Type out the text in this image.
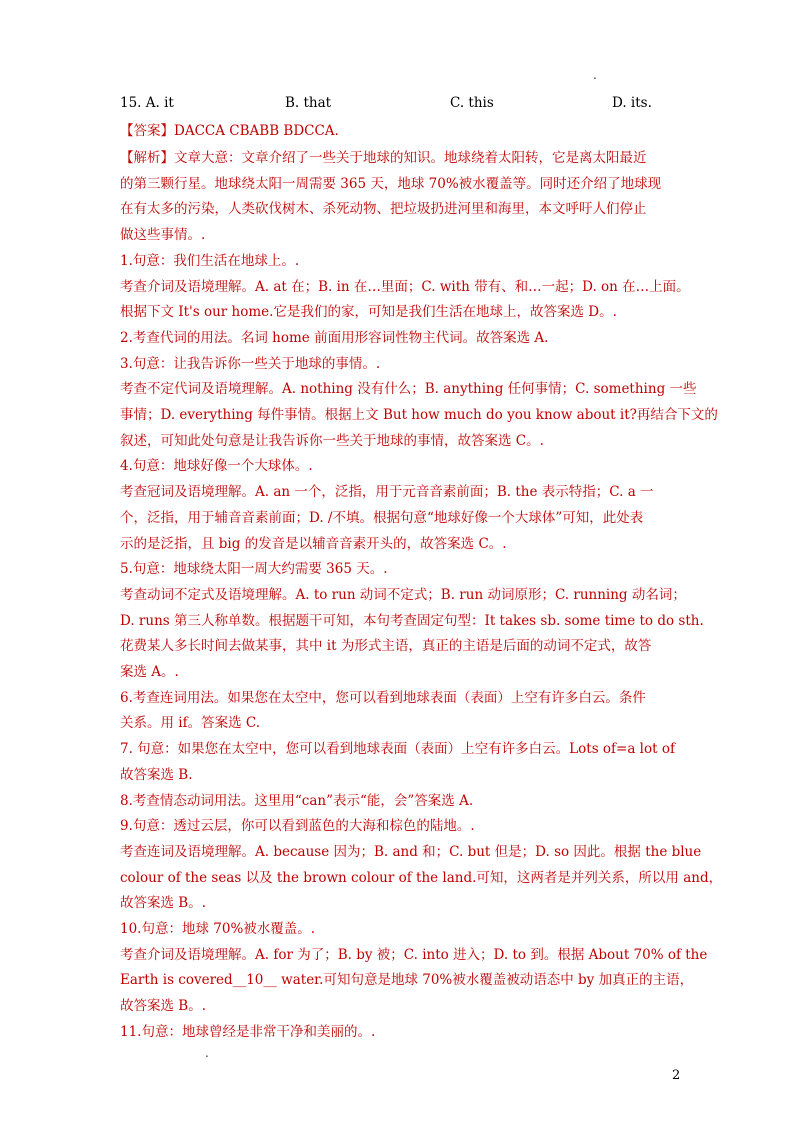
.
15. A. it	B. that	C. this	D. its.
【答案】DACCA CBABB BDCCA.
【解析】文章大意：文章介绍了一些关于地球的知识。地球绕着太阳转，它是离太阳最近
的第三颗行星。地球绕太阳一周需要 365 天，地球 70%被水覆盖等。同时还介绍了地球现
在有太多的污染，人类砍伐树木、杀死动物、把垃圾扔进河里和海里，本文呼吁人们停止
做这些事情。.
1.句意：我们生活在地球上。.
考查介词及语境理解。A. at 在；B. in 在…里面；C. with 带有、和…一起；D. on 在…上面。
根据下文 It's our home.它是我们的家，可知是我们生活在地球上，故答案选 D。.
2.考查代词的用法。名词 home 前面用形容词性物主代词。故答案选 A.
3.句意：让我告诉你一些关于地球的事情。.
考查不定代词及语境理解。A. nothing 没有什么；B. anything 任何事情；C. something 一些
事情；D. everything 每件事情。根据上文 But how much do you know about it?再结合下文的
叙述，可知此处句意是让我告诉你一些关于地球的事情，故答案选 C。.
4.句意：地球好像一个大球体。.
考查冠词及语境理解。A. an 一个，泛指，用于元音音素前面；B. the 表示特指；C. a 一
个，泛指，用于辅音音素前面；D. /不填。根据句意“地球好像一个大球体”可知，此处表
示的是泛指，且 big 的发音是以辅音音素开头的，故答案选 C。.
5.句意：地球绕太阳一周大约需要 365 天。.
考查动词不定式及语境理解。A. to run 动词不定式；B. run 动词原形；C. running 动名词；
D. runs 第三人称单数。根据题干可知，本句考查固定句型：It takes sb. some time to do sth.
花费某人多长时间去做某事，其中 it 为形式主语，真正的主语是后面的动词不定式，故答
案选 A。.
6.考查连词用法。如果您在太空中，您可以看到地球表面（表面）上空有许多白云。条件
关系。用 if。答案选 C.
7. 句意：如果您在太空中，您可以看到地球表面（表面）上空有许多白云。Lots of=a lot of
故答案选 B.
8.考查情态动词用法。这里用“can”表示“能，会”答案选 A.
9.句意：透过云层，你可以看到蓝色的大海和棕色的陆地。.
考查连词及语境理解。A. because 因为；B. and 和；C. but 但是；D. so 因此。根据 the blue
colour of the seas 以及 the brown colour of the land.可知，这两者是并列关系，所以用 and，
故答案选 B。.
10.句意：地球 70%被水覆盖。.
考查介词及语境理解。A. for 为了；B. by 被；C. into 进入；D. to 到。根据 About 70% of the
Earth is covered__10__ water.可知句意是地球 70%被水覆盖被动语态中 by 加真正的主语，
故答案选 B。.
11.句意：地球曾经是非常干净和美丽的。.
.
2
